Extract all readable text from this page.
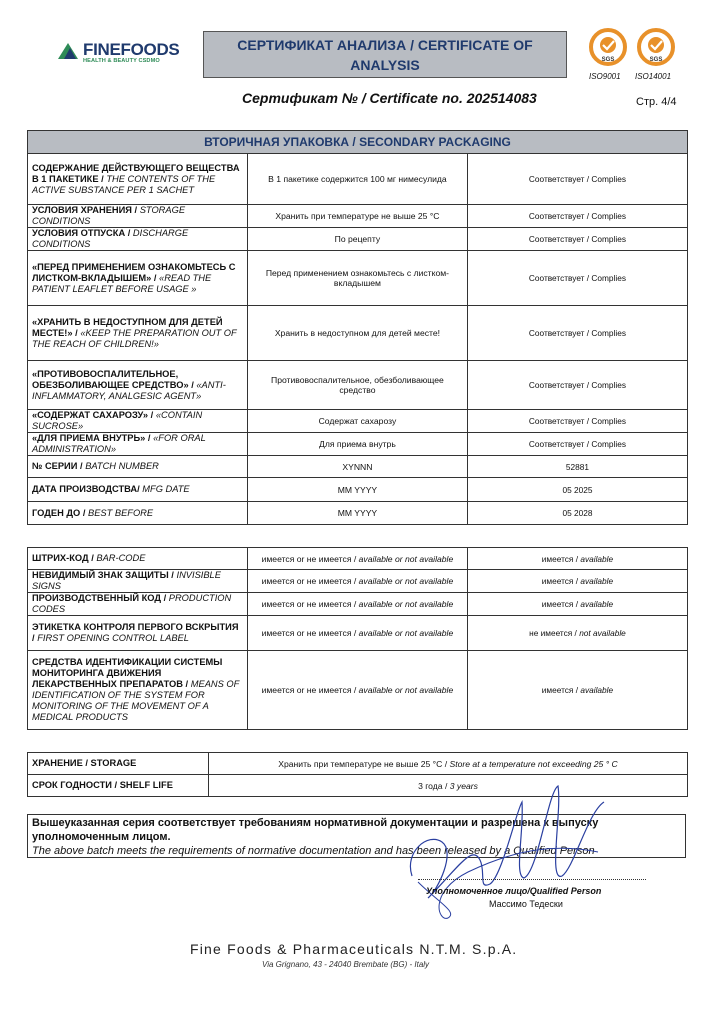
FINEFOODS
HEALTH & BEAUTY CSDMO
СЕРТИФИКАТ АНАЛИЗА / CERTIFICATE OF
ANALYSIS	SGS	SGS
ISO9001 ISO14001
Сертификат № / Certificate no. 202514083	Стр. 4/4
ВТОРИЧНАЯ УПАКОВКА / SECONDARY PACKAGING		
СОДЕРЖАНИЕ ДЕЙСТВУЮЩЕГО ВЕЩЕСТВА В 1 ПАКЕТИКЕ / THE CONTENTS OF THE ACTIVE SUBSTANCE PER 1 SACHET	В 1 пакетике содержится 100 мг нимесулида	Соответствует / Complies
УСЛОВИЯ ХРАНЕНИЯ / STORAGE CONDITIONS	Хранить при температуре не выше 25 °C	Соответствует / Complies
УСЛОВИЯ ОТПУСКА / DISCHARGE CONDITIONS	По рецепту	Соответствует / Complies
«ПЕРЕД ПРИМЕНЕНИЕМ ОЗНАКОМЬТЕСЬ С ЛИСТКОМ-ВКЛАДЫШЕМ» / «READ THE PATIENT LEAFLET BEFORE USAGE »	Перед применением ознакомьтесь с листком-вкладышем	Соответствует / Complies
«ХРАНИТЬ В НЕДОСТУПНОМ ДЛЯ ДЕТЕЙ МЕСТЕ!» / «KEEP THE PREPARATION OUT OF THE REACH OF CHILDREN!»	Хранить в недоступном для детей месте!	Соответствует / Complies
«ПРОТИВОВОСПАЛИТЕЛЬНОЕ, ОБЕЗБОЛИВАЮЩЕЕ СРЕДСТВО» / «ANTI-INFLAMMATORY, ANALGESIC AGENT»	Противовоспалительное, обезболивающее средство	Соответствует / Complies
«СОДЕРЖАТ САХАРОЗУ» / «CONTAIN SUCROSE»	Содержат сахарозу	Соответствует / Complies
«ДЛЯ ПРИЕМА ВНУТРЬ» / «FOR ORAL ADMINISTRATION»	Для приема внутрь	Соответствует / Complies
№ СЕРИИ / BATCH NUMBER	XYNNN	52881
ДАТА ПРОИЗВОДСТВА/ MFG DATE	MM YYYY	05 2025
ГОДЕН ДО / BEST BEFORE	MM YYYY	05 2028

ШТРИХ-КОД / BAR-CODE	имеется or не имеется / available or not available	имеется / available
НЕВИДИМЫЙ ЗНАК ЗАЩИТЫ / INVISIBLE SIGNS	имеется or не имеется / available or not available	имеется / available
ПРОИЗВОДСТВЕННЫЙ КОД / PRODUCTION CODES	имеется or не имеется / available or not available	имеется / available
ЭТИКЕТКА КОНТРОЛЯ ПЕРВОГО ВСКРЫТИЯ / FIRST OPENING CONTROL LABEL	имеется or не имеется / available or not available	не имеется / not available
СРЕДСТВА ИДЕНТИФИКАЦИИ СИСТЕМЫ МОНИТОРИНГА ДВИЖЕНИЯ ЛЕКАРСТВЕННЫХ ПРЕПАРАТОВ / MEANS OF IDENTIFICATION OF THE SYSTEM FOR MONITORING OF THE MOVEMENT OF A MEDICAL PRODUCTS	имеется or не имеется / available or not available	имеется / available
ХРАНЕНИЕ / STORAGE	Хранить при температуре не выше 25 °C / Store at a temperature not exceeding 25 ° C
СРОК ГОДНОСТИ / SHELF LIFE	3 года / 3 years
Вышеуказанная серия соответствует требованиям нормативной документации и разрешена к выпуску уполномоченным лицом.
The above batch meets the requirements of normative documentation and has been released by a Qualified Person
Уполномоченное лицо/Qualified Person
Массимо Тедески
Fine Foods & Pharmaceuticals N.T.M. S.p.A.
Via Grignano, 43 - 24040 Brembate (BG) - Italy
